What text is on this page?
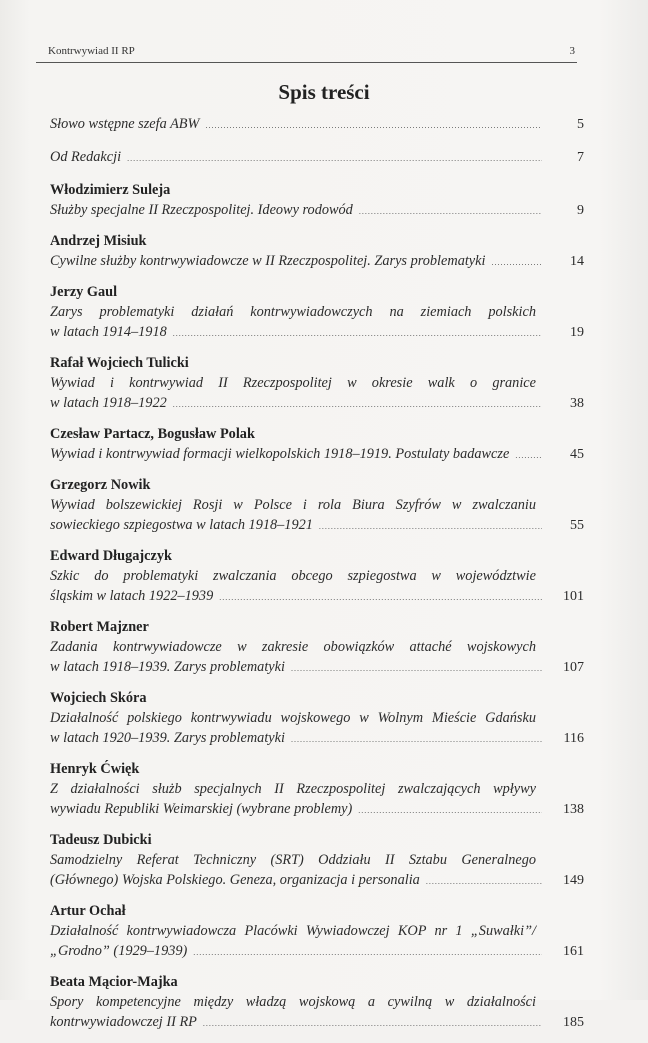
Kontrwywiad II RP	3
Spis treści
Słowo wstępne szefa ABW .....	5
Od Redakcji .....	7
Włodzimierz Suleja
Służby specjalne II Rzeczpospolitej. Ideowy rodowód .....	9
Andrzej Misiuk
Cywilne służby kontrwywiadowcze w II Rzeczpospolitej. Zarys problematyki .....	14
Jerzy Gaul
Zarys problematyki działań kontrwywiadowczych na ziemiach polskich
w latach 1914–1918 .....	19
Rafał Wojciech Tulicki
Wywiad i kontrwywiad II Rzeczpospolitej w okresie walk o granice
w latach 1918–1922 .....	38
Czesław Partacz, Bogusław Polak
Wywiad i kontrwywiad formacji wielkopolskich 1918–1919. Postulaty badawcze .....	45
Grzegorz Nowik
Wywiad bolszewickiej Rosji w Polsce i rola Biura Szyfrów w zwalczaniu
sowieckiego szpiegostwa w latach 1918–1921 .....	55
Edward Długajczyk
Szkic do problematyki zwalczania obcego szpiegostwa w województwie
śląskim w latach 1922–1939 .....	101
Robert Majzner
Zadania kontrwywiadowcze w zakresie obowiązków attaché wojskowych
w latach 1918–1939. Zarys problematyki .....	107
Wojciech Skóra
Działalność polskiego kontrwywiadu wojskowego w Wolnym Mieście Gdańsku
w latach 1920–1939. Zarys problematyki .....	116
Henryk Ćwięk
Z działalności służb specjalnych II Rzeczpospolitej zwalczających wpływy
wywiadu Republiki Weimarskiej (wybrane problemy) .....	138
Tadeusz Dubicki
Samodzielny Referat Techniczny (SRT) Oddziału II Sztabu Generalnego
(Głównego) Wojska Polskiego. Geneza, organizacja i personalia .....	149
Artur Ochał
Działalność kontrwywiadowcza Placówki Wywiadowczej KOP nr 1 „Suwałki”/
„Grodno” (1929–1939) .....	161
Beata Mącior-Majka
Spory kompetencyjne między władzą wojskową a cywilną w działalności
kontrwywiadowczej II RP .....	185
